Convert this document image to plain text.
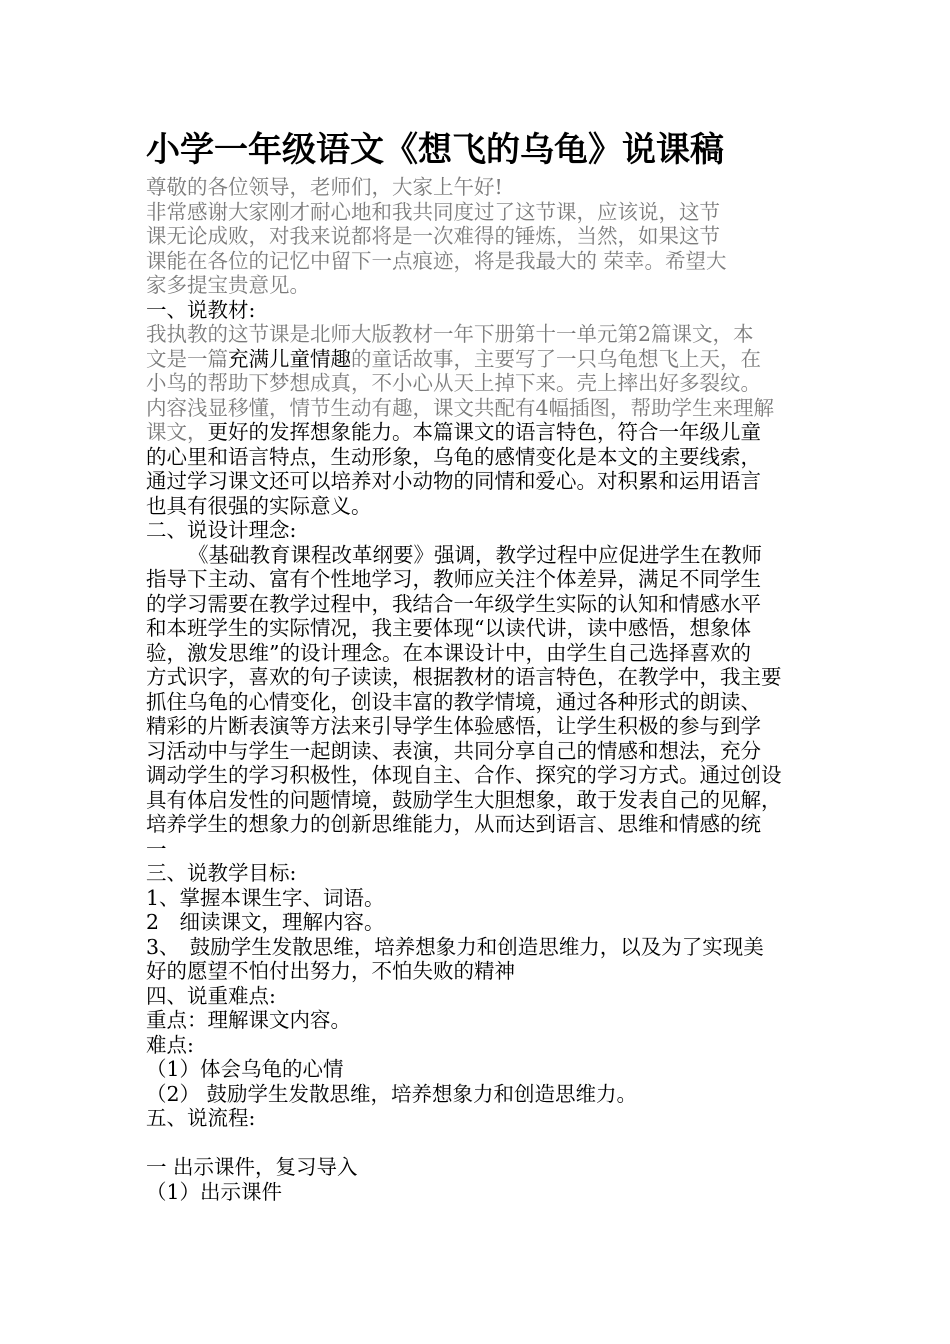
小学一年级语文《想飞的乌龟》说课稿
尊敬的各位领导，老师们，大家上午好!
非常感谢大家刚才耐心地和我共同度过了这节课，应该说，这节
课无论成败，对我来说都将是一次难得的锤炼，当然，如果这节
课能在各位的记忆中留下一点痕迹，将是我最大的 荣幸。希望大
家多提宝贵意见。
一、说教材:
我执教的这节课是北师大版教材一年下册第十一单元第2篇课文，本
文是一篇充满儿童情趣的童话故事，主要写了一只乌龟想飞上天，在
小鸟的帮助下梦想成真，不小心从天上掉下来。壳上摔出好多裂纹。
内容浅显移懂，情节生动有趣，课文共配有4幅插图，帮助学生来理解
课文，更好的发挥想象能力。本篇课文的语言特色，符合一年级儿童
的心里和语言特点，生动形象，乌龟的感情变化是本文的主要线索，
通过学习课文还可以培养对小动物的同情和爱心。对积累和运用语言
也具有很强的实际意义。
二、说设计理念:
《基础教育课程改革纲要》强调，教学过程中应促进学生在教师
指导下主动、富有个性地学习，教师应关注个体差异，满足不同学生
的学习需要在教学过程中，我结合一年级学生实际的认知和情感水平
和本班学生的实际情况，我主要体现“以读代讲，读中感悟，想象体
验，激发思维”的设计理念。在本课设计中，由学生自己选择喜欢的
方式识字，喜欢的句子读读，根据教材的语言特色，在教学中，我主要
抓住乌龟的心情变化，创设丰富的教学情境，通过各种形式的朗读、
精彩的片断表演等方法来引导学生体验感悟，让学生积极的参与到学
习活动中与学生一起朗读、表演，共同分享自己的情感和想法，充分
调动学生的学习积极性，体现自主、合作、探究的学习方式。通过创设
具有体启发性的问题情境，鼓励学生大胆想象，敢于发表自己的见解，
培养学生的想象力的创新思维能力，从而达到语言、思维和情感的统
一
三、说教学目标:
1、掌握本课生字、词语。
2　细读课文，理解内容。
3、　鼓励学生发散思维，培养想象力和创造思维力，以及为了实现美
好的愿望不怕付出努力，不怕失败的精神
四、说重难点:
重点：理解课文内容。
难点:
（1）体会乌龟的心情
（2） 鼓励学生发散思维，培养想象力和创造思维力。
五、说流程:
一 出示课件，复习导入
（1）出示课件
